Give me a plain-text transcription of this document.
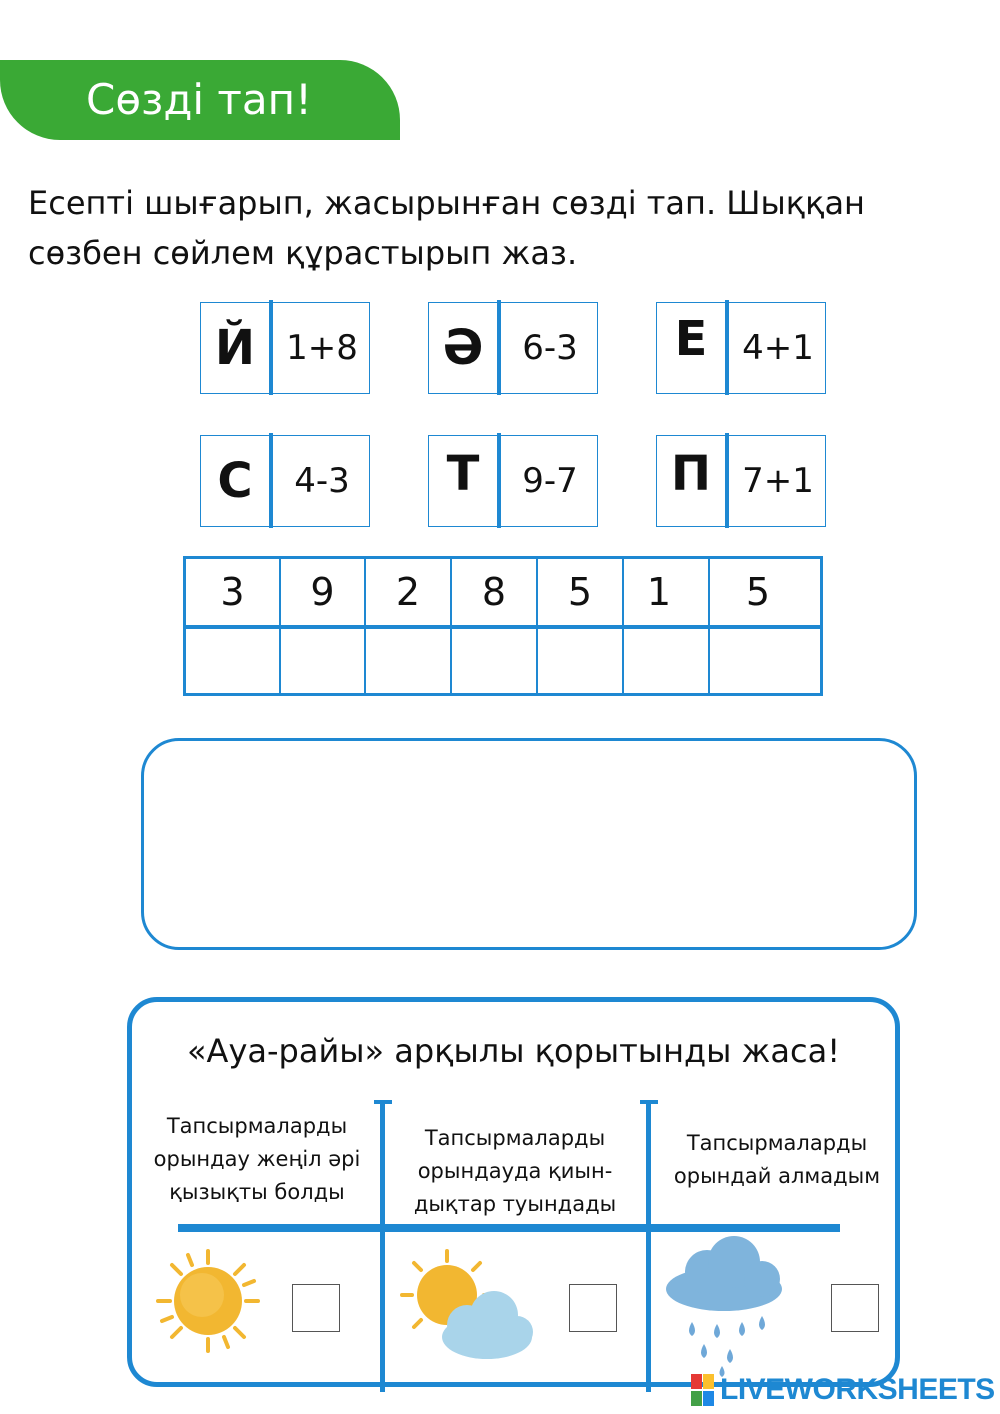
Сөзді тап!

Есепті шығарып, жасырынған сөзді тап. Шыққан сөзбен сөйлем құрастырып жаз.

Й 1+8 Ә	6-3	Е	4+1
С	4-3	Т	9-7	П 7+1
3	9	2	8	5	1	5

«Ауа-райы» арқылы қорытынды жаса!

Тапсырмаларды орындау жеңіл әрі қызықты болды
Тапсырмаларды орындауда қиын-дықтар туындады
Тапсырмаларды орындай алмадым
LIVEWORKSHEETS
